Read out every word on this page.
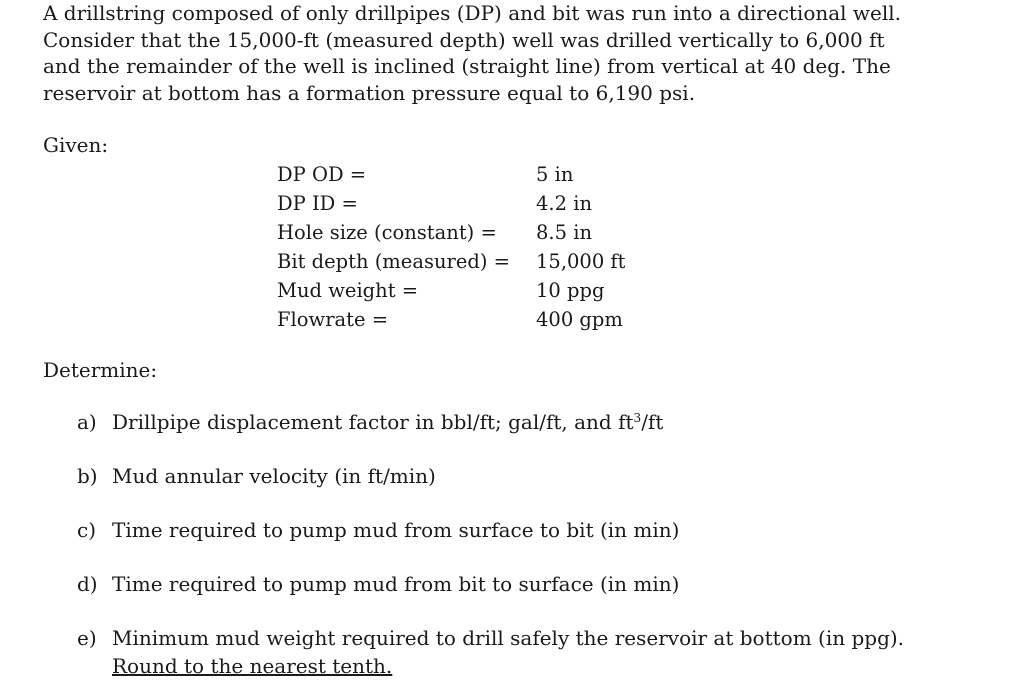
A drillstring composed of only drillpipes (DP) and bit was run into a directional well.
Consider that the 15,000-ft (measured depth) well was drilled vertically to 6,000 ft
and the remainder of the well is inclined (straight line) from vertical at 40 deg. The
reservoir at bottom has a formation pressure equal to 6,190 psi.
Given:
DP OD =	5 in
DP ID =	4.2 in
Hole size (constant) = 8.5 in
Bit depth (measured) = 15,000 ft
Mud weight =	10 ppg
Flowrate =	400 gpm
Determine:
a) Drillpipe displacement factor in bbl/ft; gal/ft, and $ft^3/ft$
b) Mud annular velocity (in ft/min)
c) Time required to pump mud from surface to bit (in min)
d) Time required to pump mud from bit to surface (in min)
e) Minimum mud weight required to drill safely the reservoir at bottom (in ppg).
Round to the nearest tenth.
